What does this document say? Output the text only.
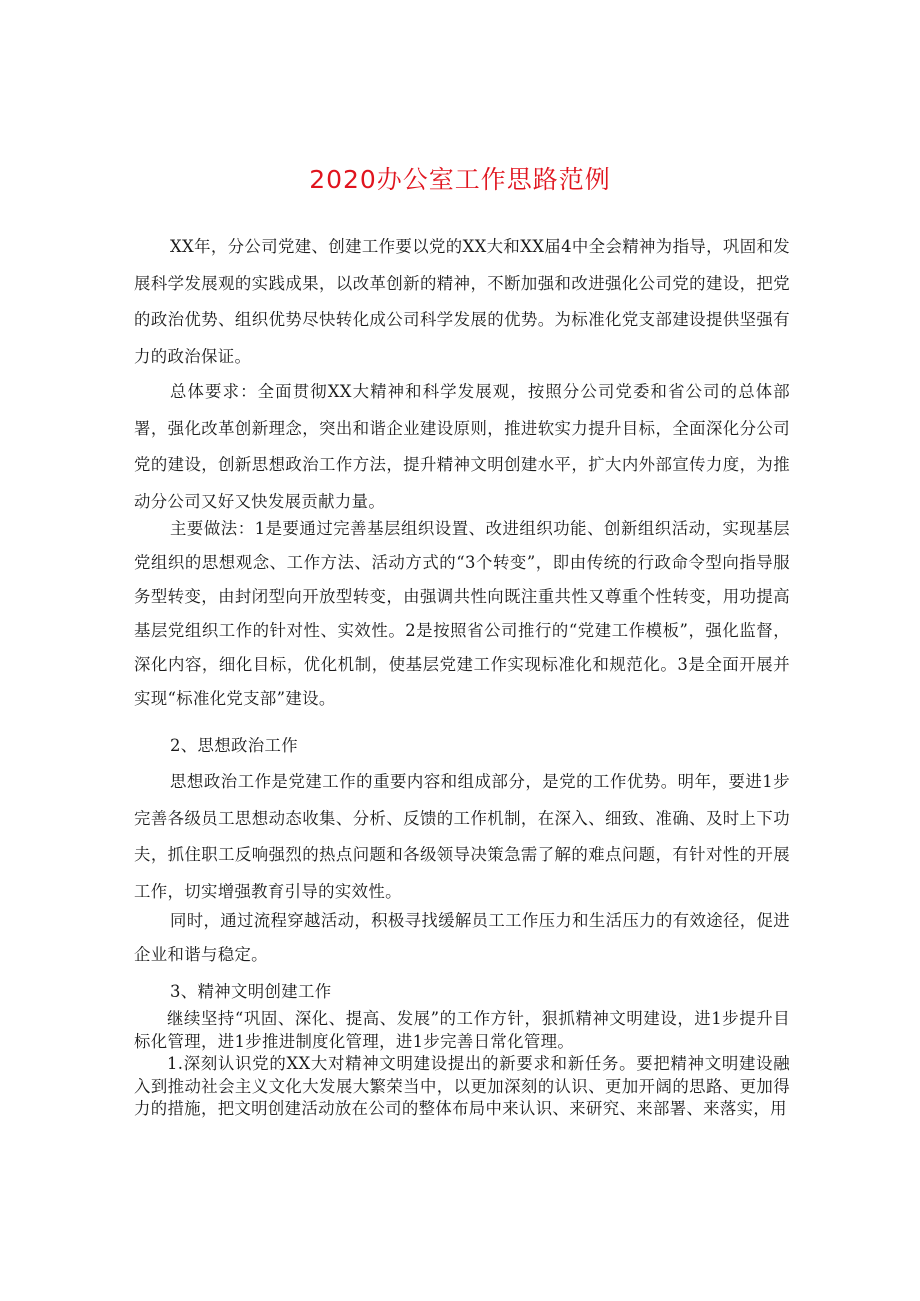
2020办公室工作思路范例

XX年，分公司党建、创建工作要以党的XX大和XX届4中全会精神为指导，巩固和发展科学发展观的实践成果，以改革创新的精神，不断加强和改进强化公司党的建设，把党的政治优势、组织优势尽快转化成公司科学发展的优势。为标准化党支部建设提供坚强有力的政治保证。

总体要求：全面贯彻XX大精神和科学发展观，按照分公司党委和省公司的总体部署，强化改革创新理念，突出和谐企业建设原则，推进软实力提升目标，全面深化分公司党的建设，创新思想政治工作方法，提升精神文明创建水平，扩大内外部宣传力度，为推动分公司又好又快发展贡献力量。

主要做法：1是要通过完善基层组织设置、改进组织功能、创新组织活动，实现基层党组织的思想观念、工作方法、活动方式的“3个转变”，即由传统的行政命令型向指导服务型转变，由封闭型向开放型转变，由强调共性向既注重共性又尊重个性转变，用功提高基层党组织工作的针对性、实效性。2是按照省公司推行的“党建工作模板”，强化监督，深化内容，细化目标，优化机制，使基层党建工作实现标准化和规范化。3是全面开展并实现“标准化党支部”建设。

2、思想政治工作

思想政治工作是党建工作的重要内容和组成部分，是党的工作优势。明年，要进1步完善各级员工思想动态收集、分析、反馈的工作机制，在深入、细致、准确、及时上下功夫，抓住职工反响强烈的热点问题和各级领导决策急需了解的难点问题，有针对性的开展工作，切实增强教育引导的实效性。

同时，通过流程穿越活动，积极寻找缓解员工工作压力和生活压力的有效途径，促进企业和谐与稳定。

3、精神文明创建工作

继续坚持“巩固、深化、提高、发展”的工作方针，狠抓精神文明建设，进1步提升目标化管理，进1步推进制度化管理，进1步完善日常化管理。

1.深刻认识党的XX大对精神文明建设提出的新要求和新任务。要把精神文明建设融入到推动社会主义文化大发展大繁荣当中，以更加深刻的认识、更加开阔的思路、更加得力的措施，把文明创建活动放在公司的整体布局中来认识、来研究、来部署、来落实，用
